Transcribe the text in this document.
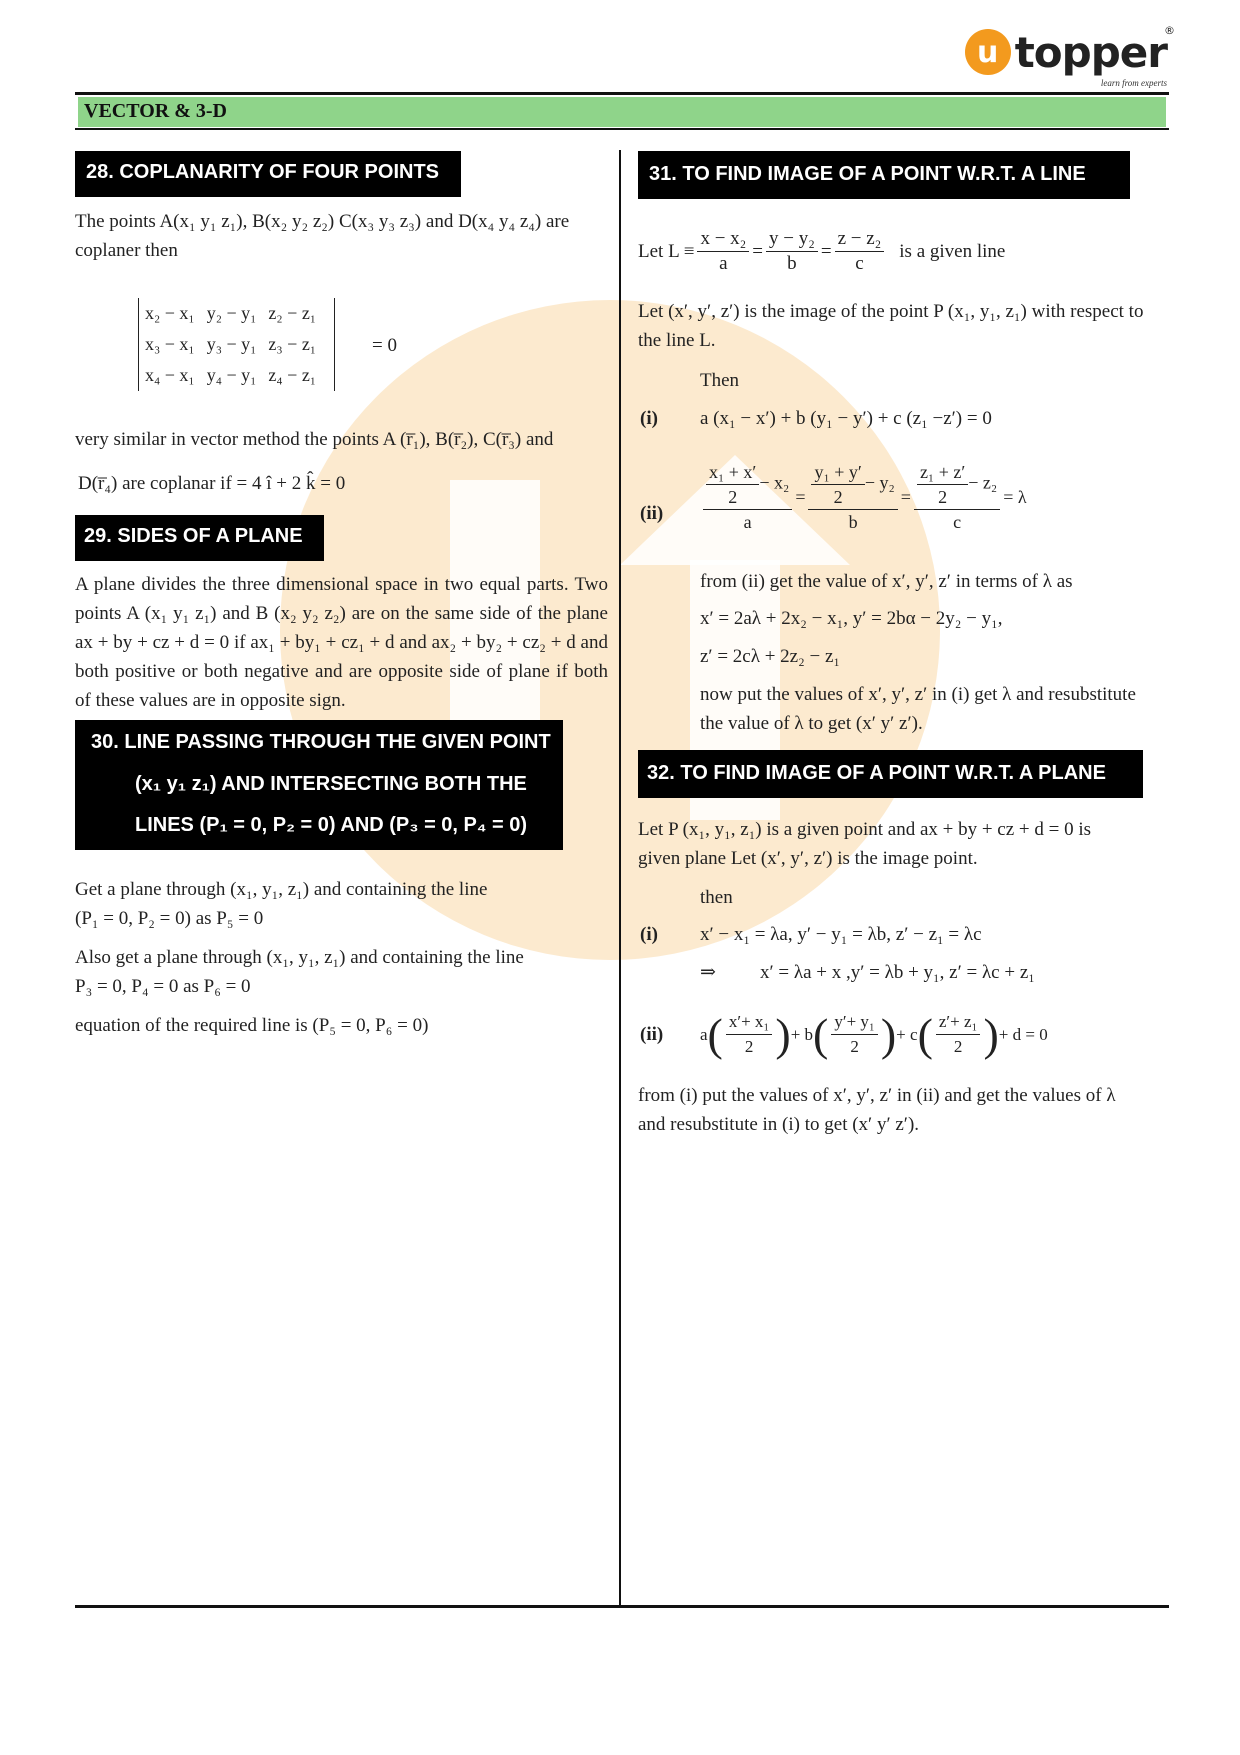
u topper
®
learn from experts
VECTOR & 3-D
28. COPLANARITY OF FOUR POINTS
The points A(x₁ y₁ z₁), B(x₂ y₂ z₂) C(x₃ y₃ z₃) and D(x₄ y₄ z₄) are
coplaner then
x₂ − x₁	y₂ − y₁	z₂ − z₁
x₃ − x₁	y₃ − y₁	z₃ − z₁
x₄ − x₁	y₄ − y₁	z₄ − z₁
= 0
very similar in vector method the points A (r̅₁), B(r̅₂), C(r̅₃) and
D(r̅₄) are coplanar if = 4 î + 2 k̂ = 0
29. SIDES OF A PLANE
A plane divides the three dimensional space in two equal parts. Two points A (x₁ y₁ z₁) and B (x₂ y₂ z₂) are on the same side of the plane ax + by + cz + d = 0 if ax₁ + by₁ + cz₁ + d and ax₂ + by₂ + cz₂ + d and both positive or both negative and are opposite side of plane if both of these values are in opposite sign.
30. LINE PASSING THROUGH THE GIVEN POINT
(x₁ y₁ z₁) AND INTERSECTING BOTH THE
LINES (P₁ = 0, P₂ = 0) AND (P₃ = 0, P₄ = 0)
Get a plane through (x₁, y₁, z₁) and containing the line
(P₁ = 0, P₂ = 0) as P₅ = 0
Also get a plane through (x₁, y₁, z₁) and containing the line
P₃ = 0, P₄ = 0 as P₆ = 0
equation of the required line is (P₅ = 0, P₆ = 0)
31. TO FIND IMAGE OF A POINT W.R.T. A LINE
Let $L \equiv \frac{\text{x − x₂}}{a} = \frac{\text{y − y₂}}{b} = \frac{\text{z − z₂}}{c}$ is a given line
Let (x′, y′, z′) is the image of the point P (x₁, y₁, z₁) with respect to
the line L.
Then
(i) a (x₁ − x′) + b (y₁ − y′) + c (z₁ −z′) = 0
$(ii) \frac{\frac{\text{x₁ + x′}}{2} - x_2}{a} = \frac{\frac{\text{y₁ + y′}}{2} - y_2}{b} = \frac{\frac{\text{z₁ + z′}}{2} - z_2}{c} = \lambda$
from (ii) get the value of x′, y′, z′ in terms of λ as
x′ = 2aλ + 2x₂ − x₁, y′ = 2bα − 2y₂ − y₁,
z′ = 2cλ + 2z₂ − z₁
now put the values of x′, y′, z′ in (i) get λ and resubstitute
the value of λ to get (x′ y′ z′).
32. TO FIND IMAGE OF A POINT W.R.T. A PLANE
Let P (x₁, y₁, z₁) is a given point and ax + by + cz + d = 0 is
given plane Let (x′, y′, z′) is the image point.
then
(i) x′ − x₁ = λa, y′ − y₁ = λb, z′ − z₁ = λc
⇒ x′ = λa + x ,y′ = λb + y₁, z′ = λc + z₁
(ii) a ( $\frac{\text{x′+ x₁}}{2}$ ) + b ( $\frac{\text{y′+ y₁}}{2}$ ) + c ( $\frac{\text{z′+ z₁}}{2}$ ) + d = 0
from (i) put the values of x′, y′, z′ in (ii) and get the values of λ
and resubstitute in (i) to get (x′ y′ z′).
